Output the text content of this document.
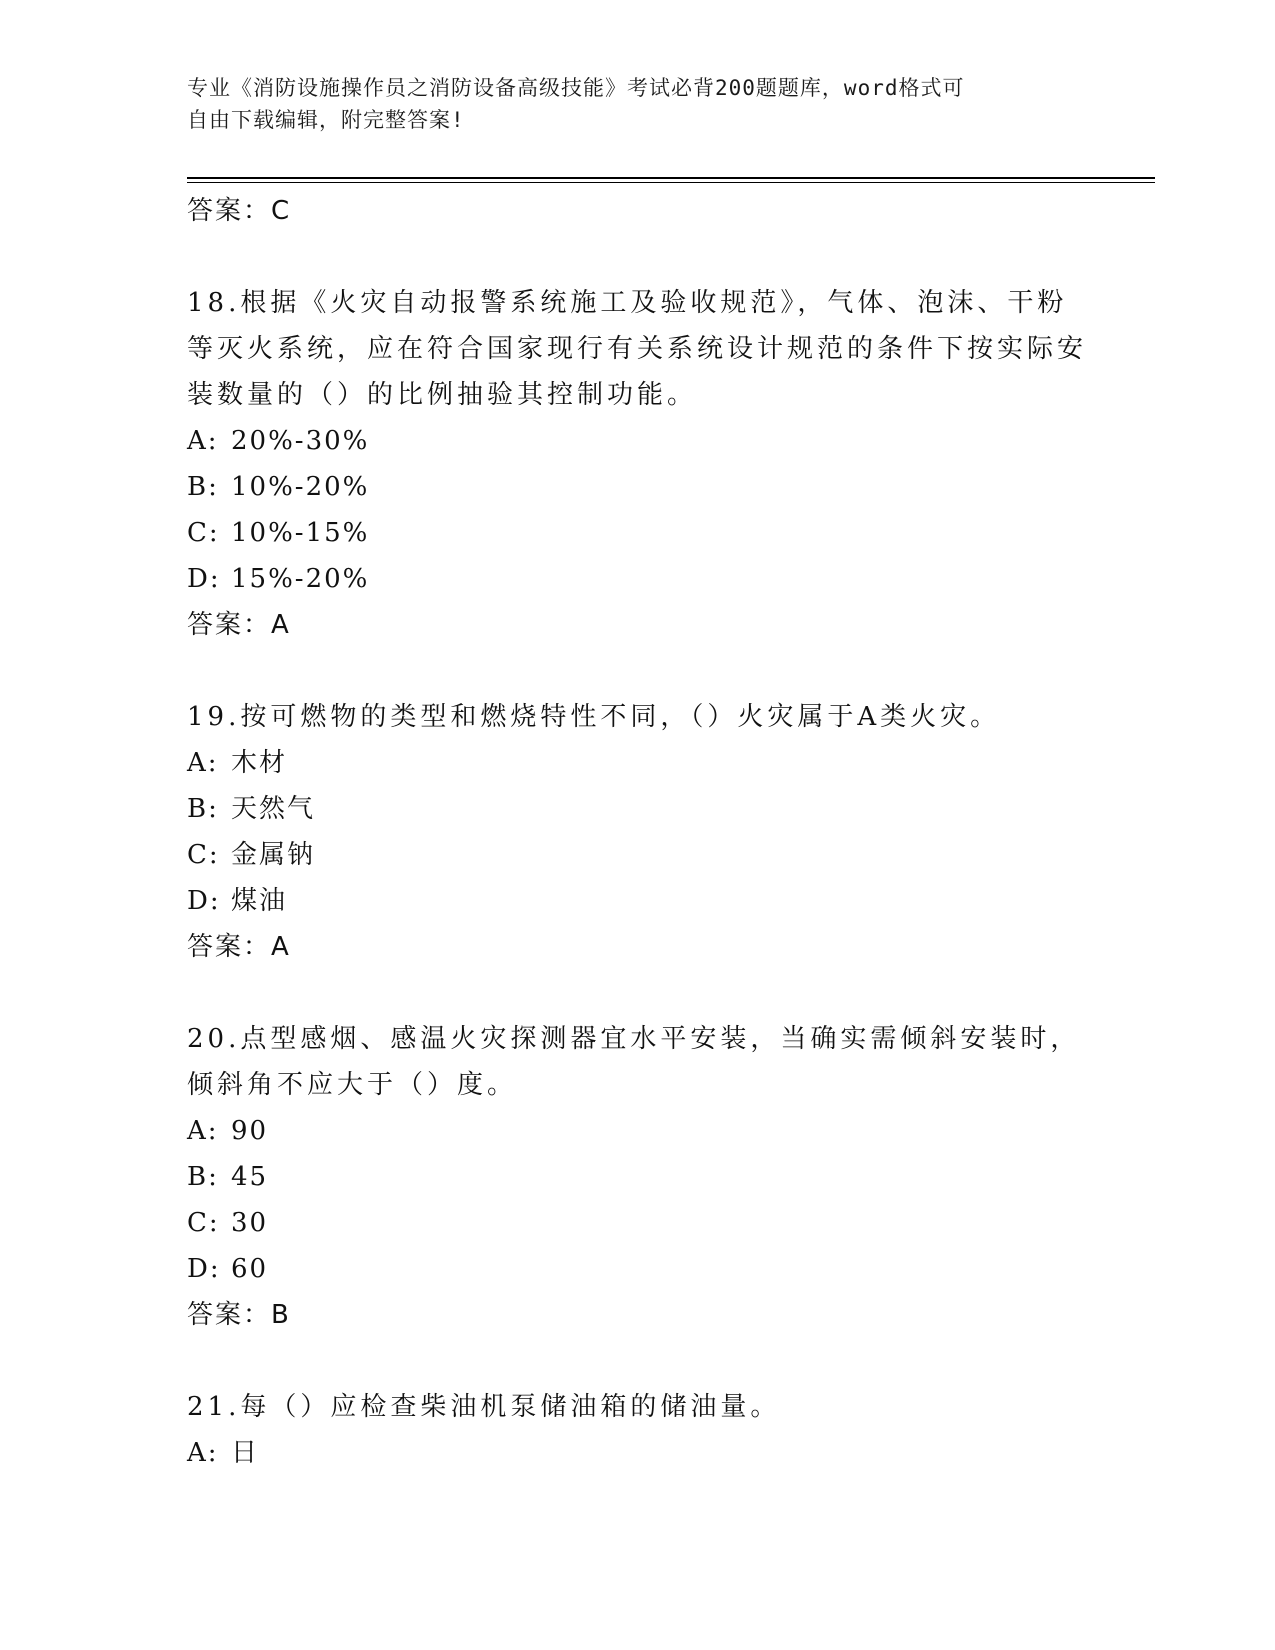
专业《消防设施操作员之消防设备高级技能》考试必背200题题库，word格式可
自由下载编辑，附完整答案!
答案：C
18.根据《火灾自动报警系统施工及验收规范》，气体、泡沫、干粉等灭火系统，应在符合国家现行有关系统设计规范的条件下按实际安装数量的（）的比例抽验其控制功能。
A: 20%-30%
B: 10%-20%
C: 10%-15%
D: 15%-20%
答案：A
19.按可燃物的类型和燃烧特性不同，（）火灾属于A类火灾。
A: 木材
B: 天然气
C: 金属钠
D: 煤油
答案：A
20.点型感烟、感温火灾探测器宜水平安装，当确实需倾斜安装时，倾斜角不应大于（）度。
A: 90
B: 45
C: 30
D: 60
答案：B
21.每（）应检查柴油机泵储油箱的储油量。
A: 日
